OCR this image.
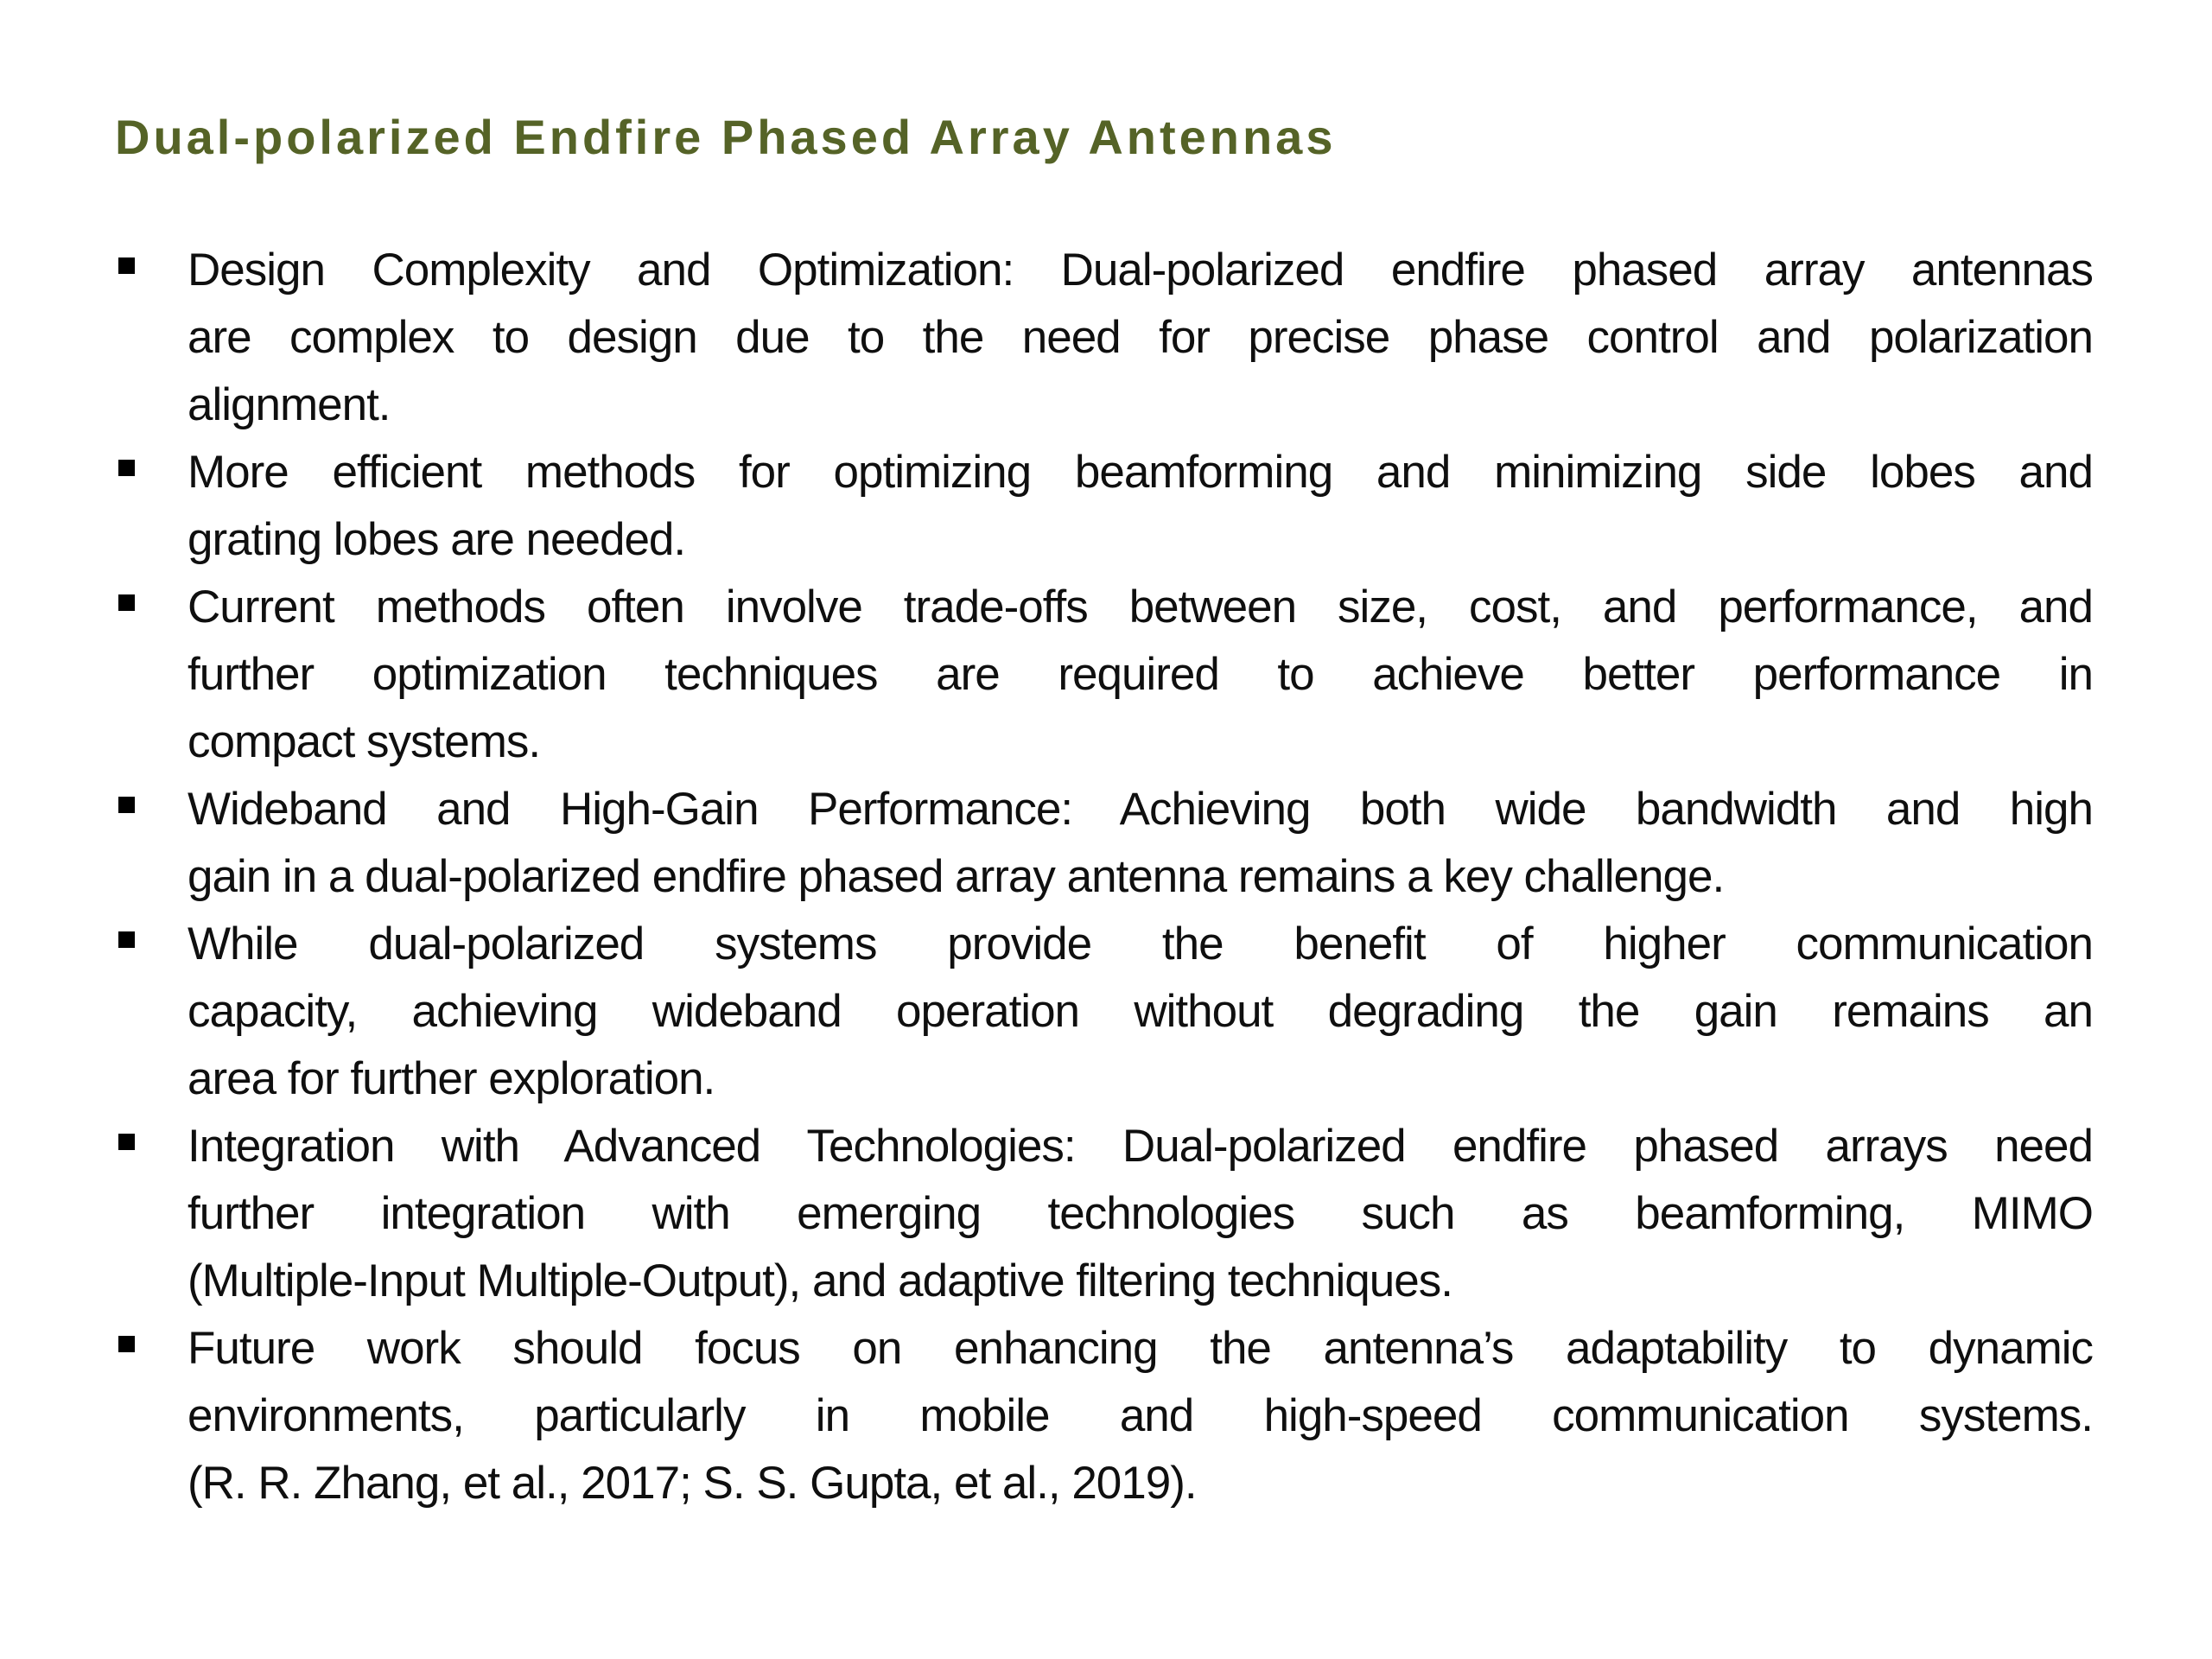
Dual-polarized Endfire Phased Array Antennas
Design Complexity and Optimization: Dual-polarized endfire phased array antennas
are complex to design due to the need for precise phase control and polarization
alignment.
More efficient methods for optimizing beamforming and minimizing side lobes and
grating lobes are needed.
Current methods often involve trade-offs between size, cost, and performance, and
further optimization techniques are required to achieve better performance in
compact systems.
Wideband and High-Gain Performance: Achieving both wide bandwidth and high
gain in a dual-polarized endfire phased array antenna remains a key challenge.
While dual-polarized systems provide the benefit of higher communication
capacity, achieving wideband operation without degrading the gain remains an
area for further exploration.
Integration with Advanced Technologies: Dual-polarized endfire phased arrays need
further integration with emerging technologies such as beamforming, MIMO
(Multiple-Input Multiple-Output), and adaptive filtering techniques.
Future work should focus on enhancing the antenna’s adaptability to dynamic
environments, particularly in mobile and high-speed communication systems.
(R. R. Zhang, et al., 2017; S. S. Gupta, et al., 2019).
